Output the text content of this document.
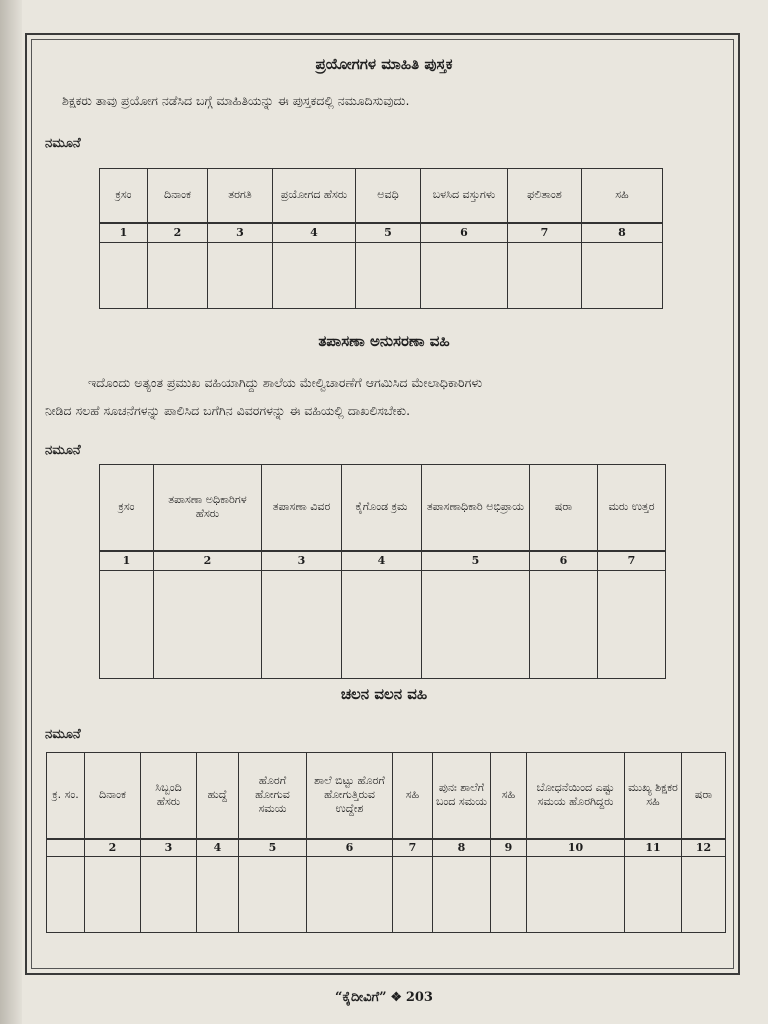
ಪ್ರಯೋಗಗಳ ಮಾಹಿತಿ ಪುಸ್ತಕ
ಶಿಕ್ಷಕರು ತಾವು ಪ್ರಯೋಗ ನಡೆಸಿದ ಬಗ್ಗೆ ಮಾಹಿತಿಯನ್ನು ಈ ಪುಸ್ತಕದಲ್ಲಿ ನಮೂದಿಸುವುದು.
ನಮೂನೆ
ಕ್ರಸಂ	ದಿನಾಂಕ	ತರಗತಿ	ಪ್ರಯೋಗದ ಹೆಸರು	ಅವಧಿ	ಬಳಸಿದ ವಸ್ತುಗಳು	ಫಲಿತಾಂಶ	ಸಹಿ
1	2	3	4	5	6	7	8

ತಪಾಸಣಾ ಅನುಸರಣಾ ವಹಿ
ಇದೊಂದು ಅತ್ಯಂತ ಪ್ರಮುಖ ವಹಿಯಾಗಿದ್ದು ಶಾಲೆಯ ಮೇಲ್ವಿಚಾರಣೆಗೆ ಆಗಮಿಸಿದ ಮೇಲಾಧಿಕಾರಿಗಳು
ನೀಡಿದ ಸಲಹೆ ಸೂಚನೆಗಳನ್ನು ಪಾಲಿಸಿದ ಬಗೆಗಿನ ವಿವರಗಳನ್ನು ಈ ವಹಿಯಲ್ಲಿ ದಾಖಲಿಸಬೇಕು.
ನಮೂನೆ
ಕ್ರಸಂ	ತಪಾಸಣಾ ಅಧಿಕಾರಿಗಳ ಹೆಸರು	ತಪಾಸಣಾ ವಿವರ	ಕೈಗೊಂಡ ಕ್ರಮ	ತಪಾಸಣಾಧಿಕಾರಿ ಅಭಿಪ್ರಾಯ	ಷರಾ	ಮರು ಉತ್ತರ
1	2	3	4	5	6	7

ಚಲನ ವಲನ ವಹಿ
ನಮೂನೆ
ಕ್ರ. ಸಂ.	ದಿನಾಂಕ	ಸಿಬ್ಬಂದಿ ಹೆಸರು	ಹುದ್ದೆ	ಹೊರಗೆ ಹೋಗುವ ಸಮಯ	ಶಾಲೆ ಬಿಟ್ಟು ಹೊರಗೆ ಹೋಗುತ್ತಿರುವ ಉದ್ದೇಶ	ಸಹಿ	ಪುನಃ ಶಾಲೆಗೆ ಬಂದ ಸಮಯ	ಸಹಿ	ಬೋಧನೆಯಿಂದ ಎಷ್ಟು ಸಮಯ ಹೊರಗಿದ್ದರು	ಮುಖ್ಯ ಶಿಕ್ಷಕರ ಸಹಿ	ಷರಾ
	2	3	4	5	6	7	8	9	10	11	12

“ಕೈದೀವಿಗೆ” ❖ 203
